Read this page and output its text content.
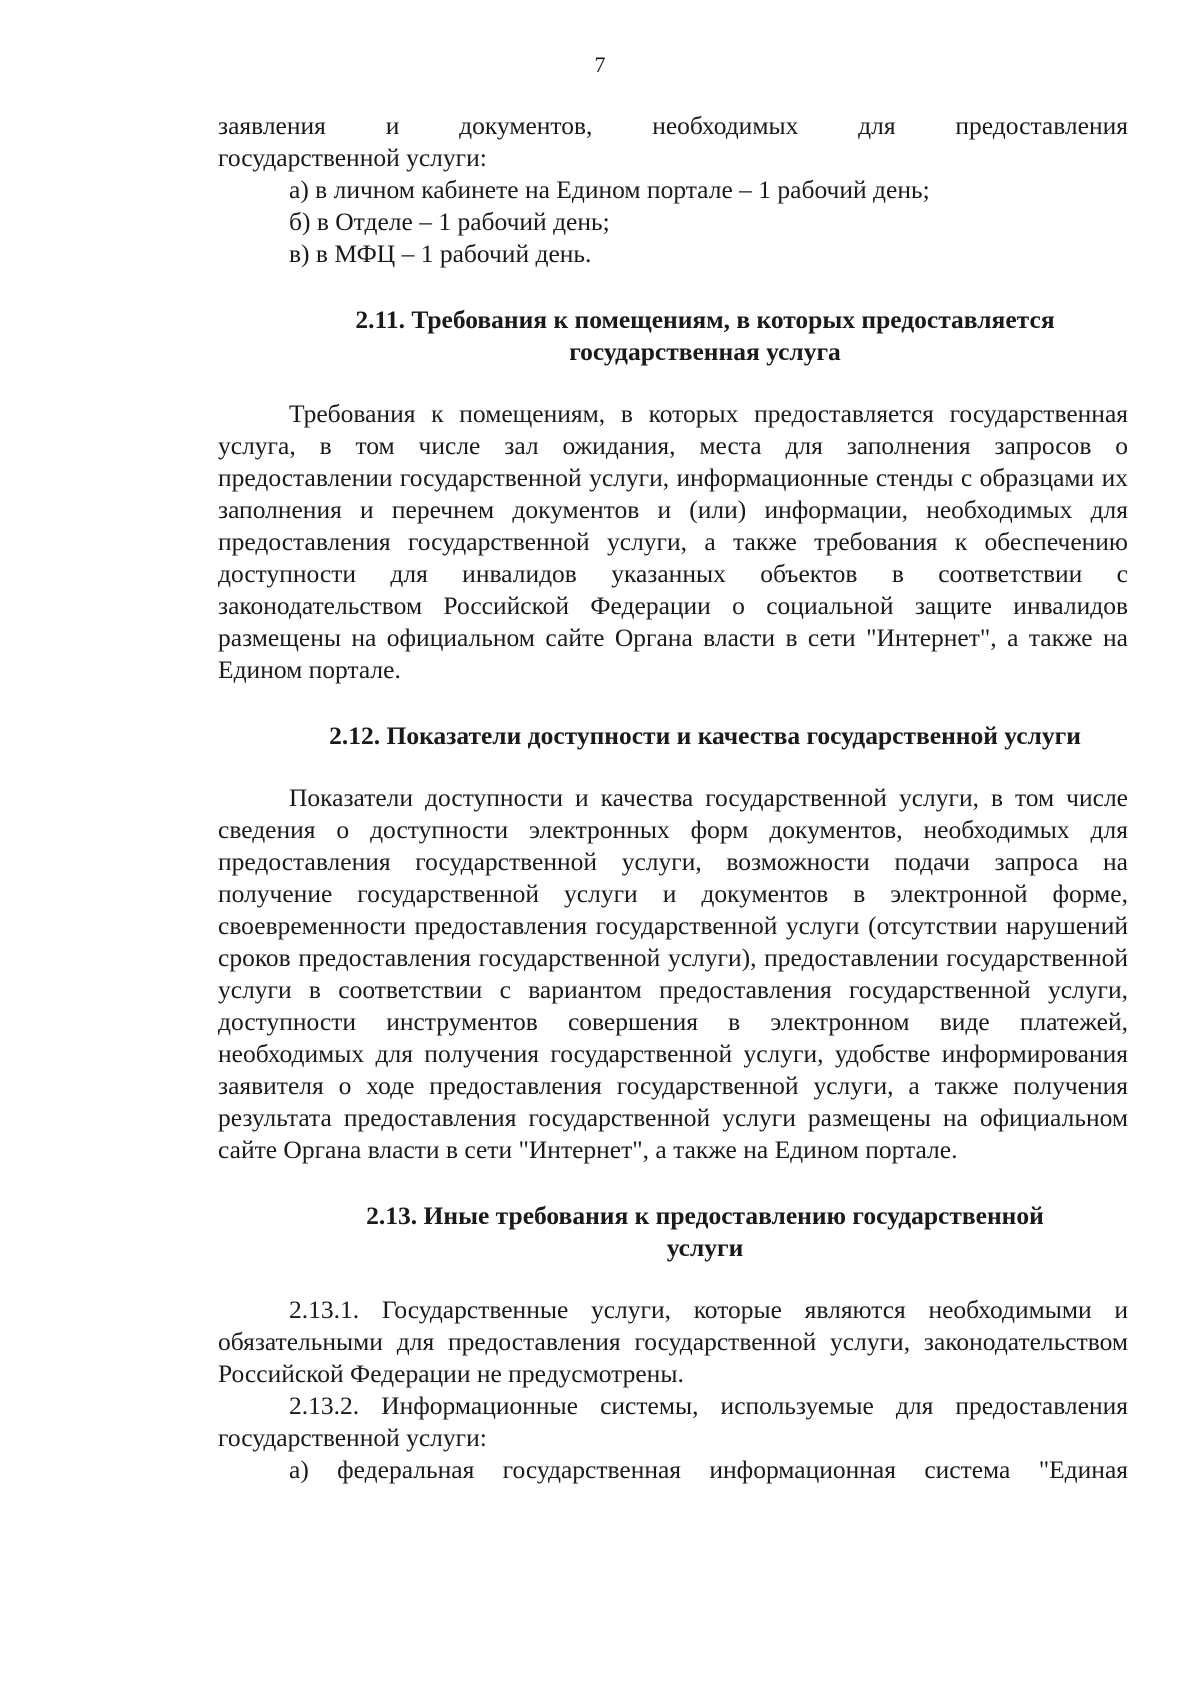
7

заявления и документов, необходимых для предоставления

государственной услуги:

а) в личном кабинете на Едином портале – 1 рабочий день;

б) в Отделе – 1 рабочий день;

в) в МФЦ – 1 рабочий день.

2.11. Требования к помещениям, в которых предоставляется
государственная услуга

Требования к помещениям, в которых предоставляется государственная услуга, в том числе зал ожидания, места для заполнения запросов о предоставлении государственной услуги, информационные стенды с образцами их заполнения и перечнем документов и (или) информации, необходимых для предоставления государственной услуги, а также требования к обеспечению доступности для инвалидов указанных объектов в соответствии с законодательством Российской Федерации о социальной защите инвалидов размещены на официальном сайте Органа власти в сети "Интернет", а также на Едином портале.

2.12. Показатели доступности и качества государственной услуги

Показатели доступности и качества государственной услуги, в том числе сведения о доступности электронных форм документов, необходимых для предоставления государственной услуги, возможности подачи запроса на получение государственной услуги и документов в электронной форме, своевременности предоставления государственной услуги (отсутствии нарушений сроков предоставления государственной услуги), предоставлении государственной услуги в соответствии с вариантом предоставления государственной услуги, доступности инструментов совершения в электронном виде платежей, необходимых для получения государственной услуги, удобстве информирования заявителя о ходе предоставления государственной услуги, а также получения результата предоставления государственной услуги размещены на официальном сайте Органа власти в сети "Интернет", а также на Едином портале.

2.13. Иные требования к предоставлению государственной
услуги

2.13.1. Государственные услуги, которые являются необходимыми и обязательными для предоставления государственной услуги, законодательством Российской Федерации не предусмотрены.

2.13.2. Информационные системы, используемые для предоставления государственной услуги:

а) федеральная государственная информационная система "Единая
